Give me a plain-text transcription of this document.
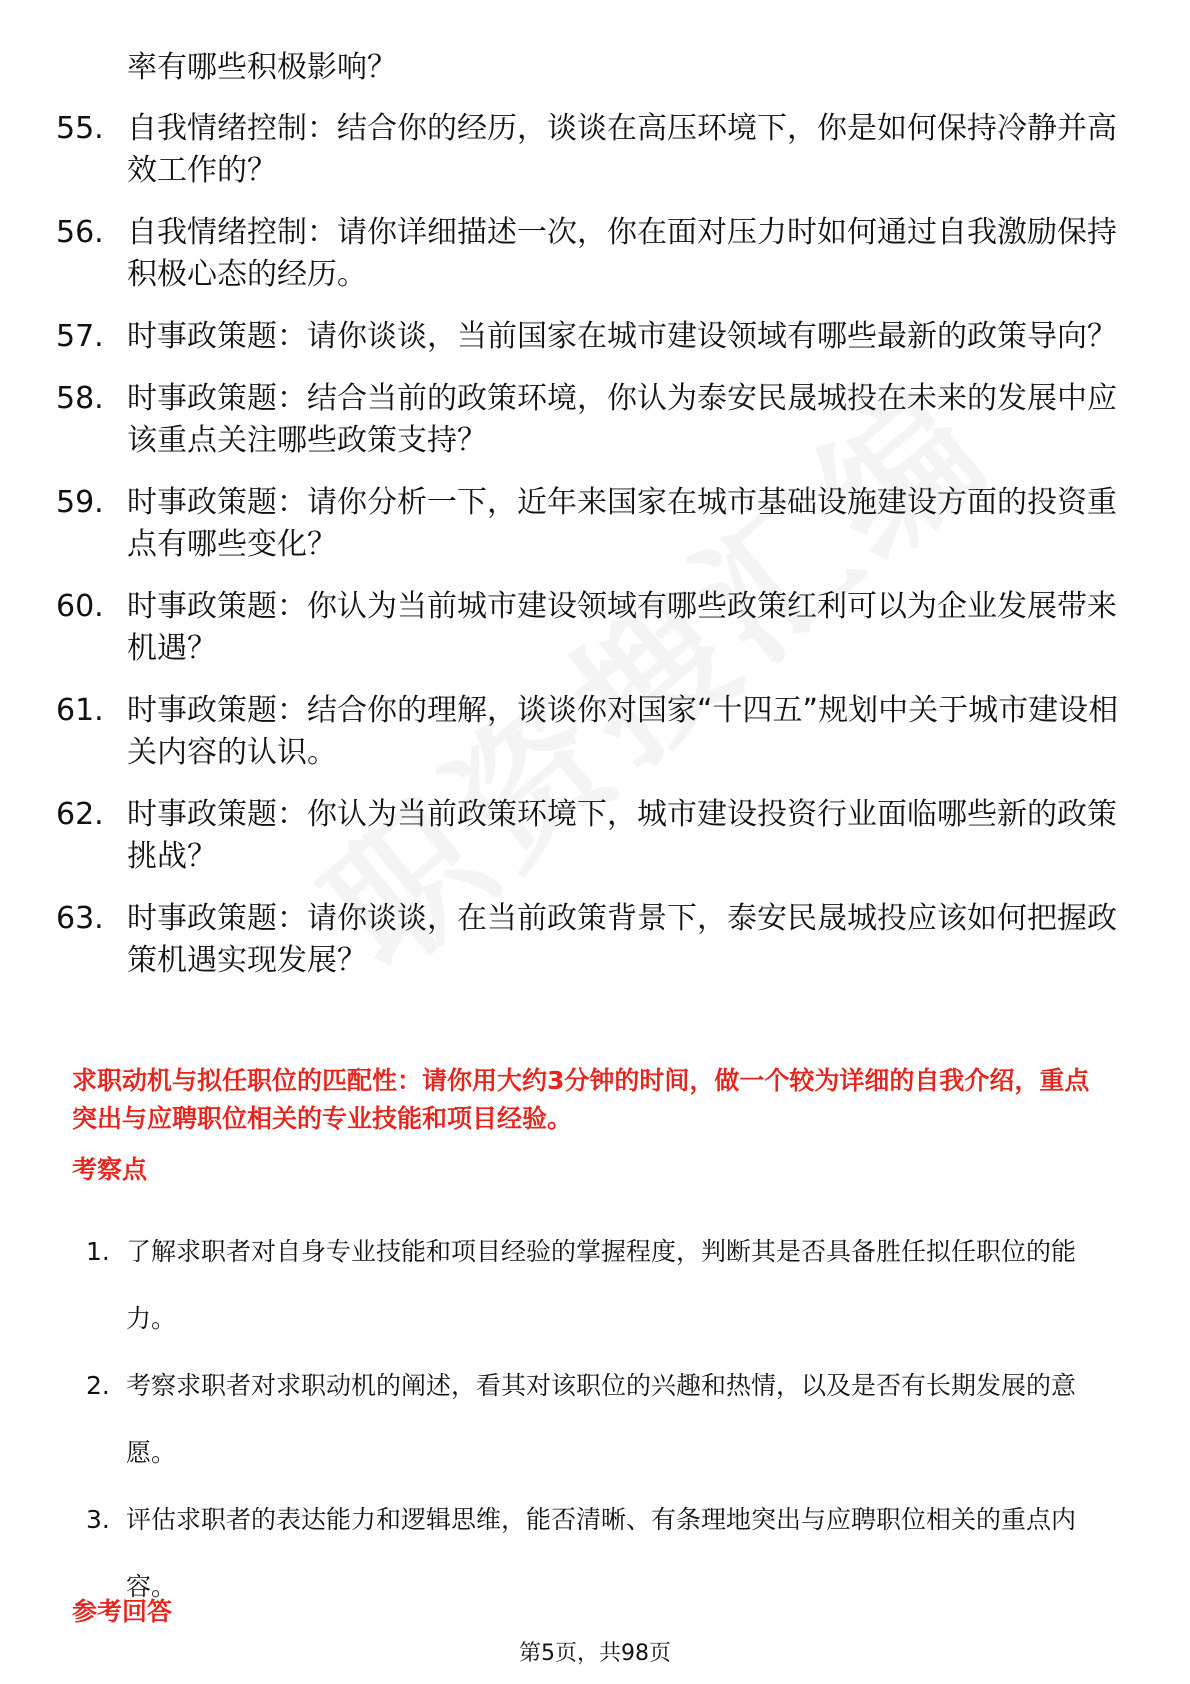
率有哪些积极影响？
55. 自我情绪控制：结合你的经历，谈谈在高压环境下，你是如何保持冷静并高效工作的？
56. 自我情绪控制：请你详细描述一次，你在面对压力时如何通过自我激励保持积极心态的经历。
57. 时事政策题：请你谈谈，当前国家在城市建设领域有哪些最新的政策导向？
58. 时事政策题：结合当前的政策环境，你认为泰安民晟城投在未来的发展中应该重点关注哪些政策支持？
59. 时事政策题：请你分析一下，近年来国家在城市基础设施建设方面的投资重点有哪些变化？
60. 时事政策题：你认为当前城市建设领域有哪些政策红利可以为企业发展带来机遇？
61. 时事政策题：结合你的理解，谈谈你对国家“十四五”规划中关于城市建设相关内容的认识。
62. 时事政策题：你认为当前政策环境下，城市建设投资行业面临哪些新的政策挑战？
63. 时事政策题：请你谈谈，在当前政策背景下，泰安民晟城投应该如何把握政策机遇实现发展？
求职动机与拟任职位的匹配性：请你用大约3分钟的时间，做一个较为详细的自我介绍，重点突出与应聘职位相关的专业技能和项目经验。
考察点
1. 了解求职者对自身专业技能和项目经验的掌握程度，判断其是否具备胜任拟任职位的能力。
2. 考察求职者对求职动机的阐述，看其对该职位的兴趣和热情，以及是否有长期发展的意愿。
3. 评估求职者的表达能力和逻辑思维，能否清晰、有条理地突出与应聘职位相关的重点内容。
参考回答
第5页，共98页
